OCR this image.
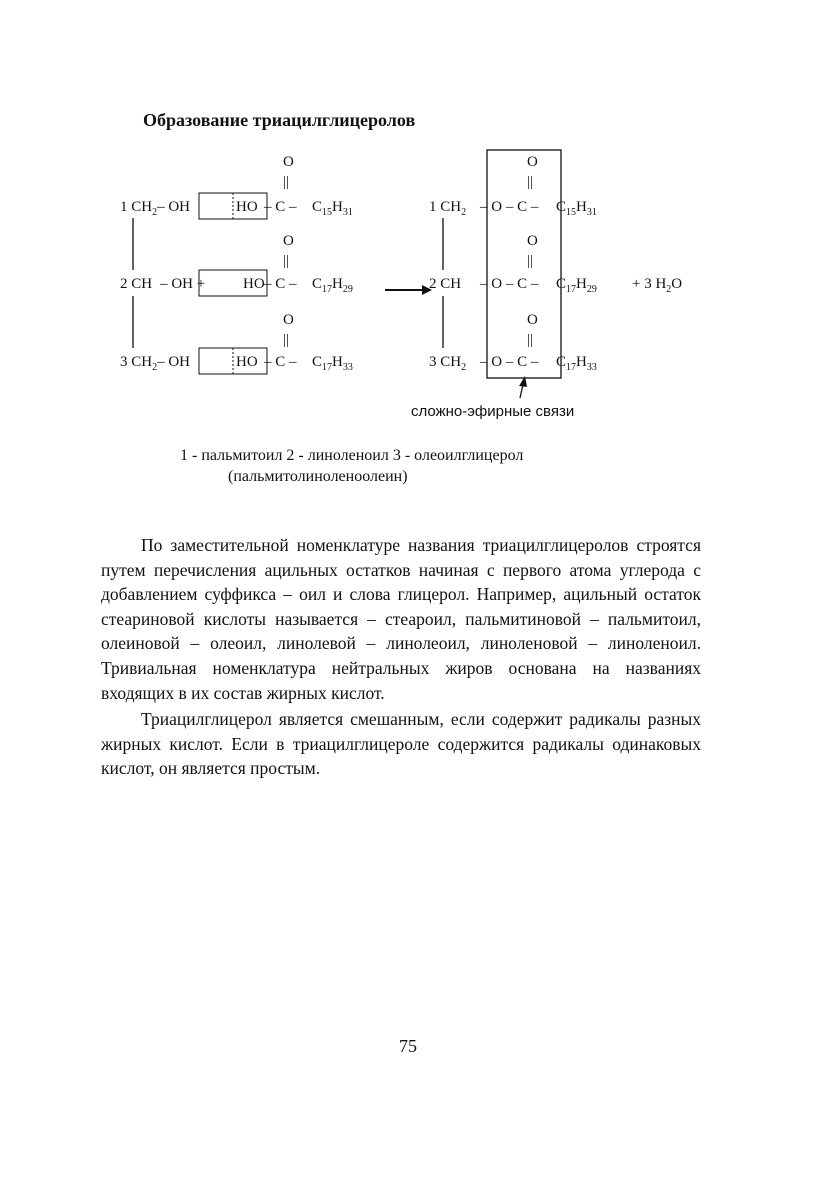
Образование триацилглицеролов
O
||
O
||
O
||
1 $CH_2-$ OH	HO – C – $C_{15}H_{31}$
2 CH – OH +	HO – C – $C_{17}H_{29}$
3 $CH_2-$ OH	HO – C – $C_{17}H_{33}$
O
||
O
||
O
||
1 $CH_2$ – O – C – $C_{15}H_{31}$
2 CH – O – C – $C_{17}H_{29}$
3 $CH_2$ – O – C – $C_{17}H_{33}$
+ 3 $H_2O$
сложно-эфирные связи
1 - пальмитоил 2 - линоленоил 3 - олеоилглицерол
(пальмитолиноленоолеин)

По заместительной номенклатуре названия триацилглицеролов строятся путем перечисления ацильных остатков начиная с первого атома углерода с добавлением суффикса – оил и слова глицерол. Например, ацильный остаток стеариновой кислоты называется – стеароил, пальмитиновой – пальмитоил, олеиновой – олеоил, линолевой – линолеоил, линоленовой – линоленоил. Тривиальная номенклатура нейтральных жиров основана на названиях входящих в их состав жирных кислот.

Триацилглицерол является смешанным, если содержит радикалы разных жирных кислот. Если в триацилглицероле содержится радикалы одинаковых кислот, он является простым.

75
